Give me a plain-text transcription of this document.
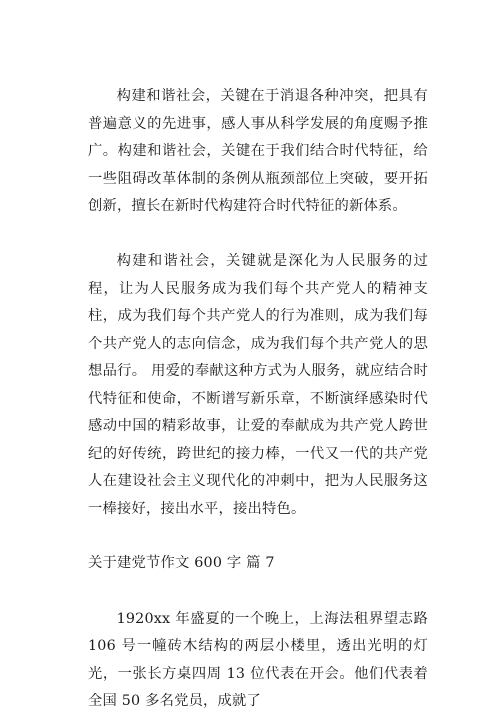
构建和谐社会，关键在于消退各种冲突，把具有普遍意义的先进事，感人事从科学发展的角度赐予推广。构建和谐社会，关键在于我们结合时代特征，给一些阻碍改革体制的条例从瓶颈部位上突破，要开拓创新，擅长在新时代构建符合时代特征的新体系。

构建和谐社会，关键就是深化为人民服务的过程，让为人民服务成为我们每个共产党人的精神支柱，成为我们每个共产党人的行为准则，成为我们每个共产党人的志向信念，成为我们每个共产党人的思想品行。 用爱的奉献这种方式为人服务，就应结合时代特征和使命，不断谱写新乐章，不断演绎感染时代感动中国的精彩故事，让爱的奉献成为共产党人跨世纪的好传统，跨世纪的接力棒，一代又一代的共产党人在建设社会主义现代化的冲刺中，把为人民服务这一棒接好，接出水平，接出特色。

关于建党节作文 600 字 篇 7

1920xx 年盛夏的一个晚上，上海法租界望志路 106 号一幢砖木结构的两层小楼里，透出光明的灯光，一张长方桌四周 13 位代表在开会。他们代表着全国 50 多名党员，成就了
